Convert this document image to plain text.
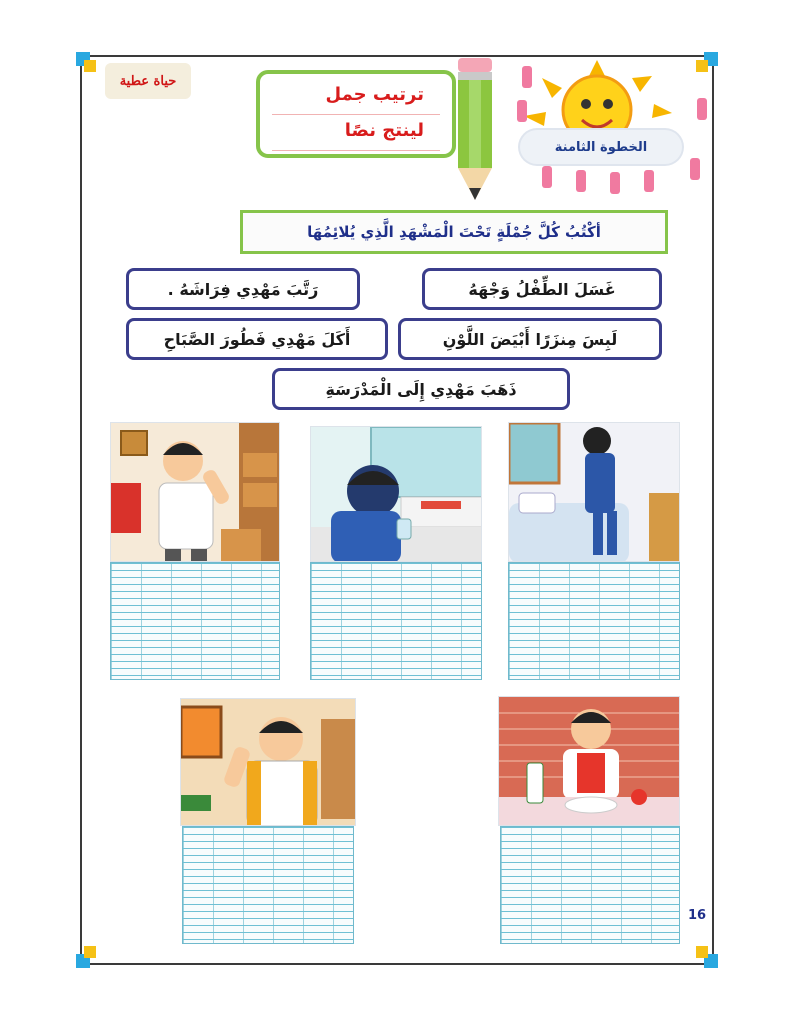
حياة عطية
ترتيب جمل
لينتج نصًا
الخطوة الثامنة
أكْتُبُ كُلَّ جُمْلَةٍ تَحْتَ الْمَشْهَدِ الَّذِي يُلائِمُهَا
غَسَلَ الطِّفْلُ وَجْهَهُ
رَتَّبَ مَهْدِي فِرَاشَهُ .
لَبِسَ مِنزَرًا أَبْيَضَ اللَّوْنِ
أَكَلَ مَهْدِي فَطُورَ الصَّبَاحِ
ذَهَبَ مَهْدِي إِلَى الْمَدْرَسَةِ
16
